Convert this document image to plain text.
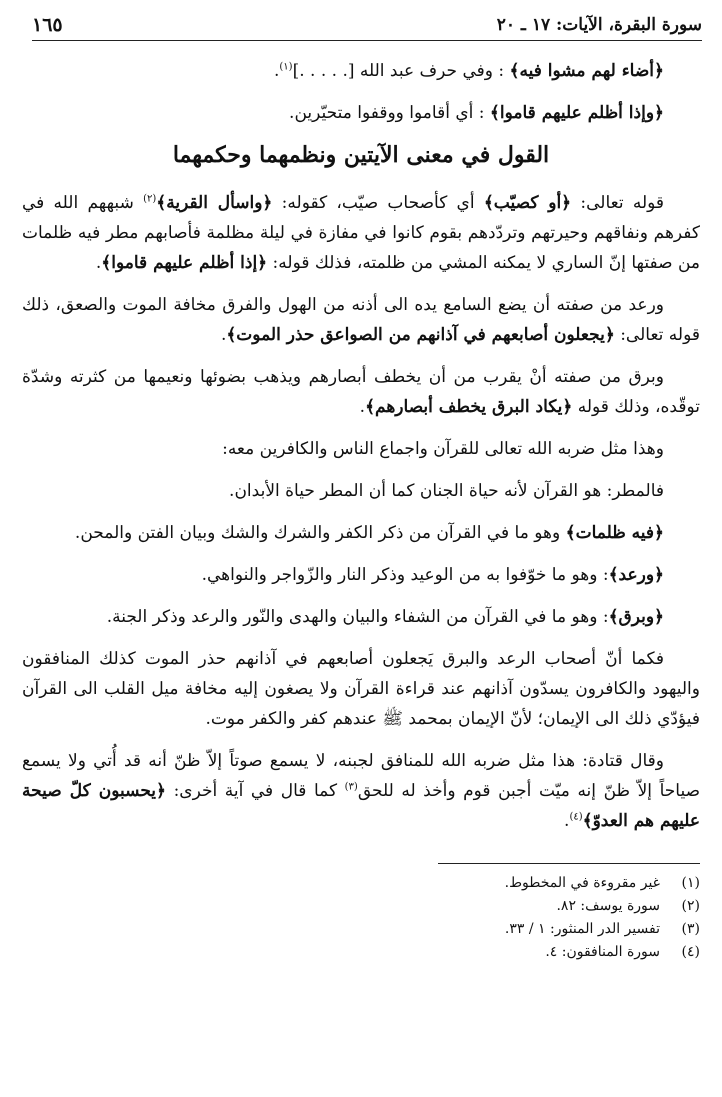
سورة البقرة، الآيات: ١٧ ـ ٢٠
١٦٥

﴿أضاء لهم مشوا فيه﴾ : وفي حرف عبد الله [. . . . .]$^{(١)}$.

﴿وإذا أظلم عليهم قاموا﴾ : أي أقاموا ووقفوا متحيّرين.

القول في معنى الآيتين ونظمهما وحكمهما

قوله تعالى: ﴿أو كصيّب﴾ أي كأصحاب صيّب، كقوله: ﴿واسأل القرية﴾$^{(٢)}$ شبههم الله في كفرهم ونفاقهم وحيرتهم وتردّدهم بقوم كانوا في مفازة في ليلة مظلمة فأصابهم مطر فيه ظلمات من صفتها إنّ الساري لا يمكنه المشي من ظلمته، فذلك قوله: ﴿إذا أظلم عليهم قاموا﴾.

ورعد من صفته أن يضع السامع يده الى أذنه من الهول والفرق مخافة الموت والصعق، ذلك قوله تعالى: ﴿يجعلون أصابعهم في آذانهم من الصواعق حذر الموت﴾.

وبرق من صفته أنْ يقرب من أن يخطف أبصارهم ويذهب بضوئها ونعيمها من كثرته وشدّة توقّده، وذلك قوله ﴿يكاد البرق يخطف أبصارهم﴾.

وهذا مثل ضربه الله تعالى للقرآن واجماع الناس والكافرين معه:

فالمطر: هو القرآن لأنه حياة الجنان كما أن المطر حياة الأبدان.

﴿فيه ظلمات﴾ وهو ما في القرآن من ذكر الكفر والشرك والشك وبيان الفتن والمحن.

﴿ورعد﴾: وهو ما خوّفوا به من الوعيد وذكر النار والزّواجر والنواهي.

﴿وبرق﴾: وهو ما في القرآن من الشفاء والبيان والهدى والنّور والرعد وذكر الجنة.

فكما أنّ أصحاب الرعد والبرق يَجعلون أصابعهم في آذانهم حذر الموت كذلك المنافقون واليهود والكافرون يسدّون آذانهم عند قراءة القرآن ولا يصغون إليه مخافة ميل القلب الى القرآن فيؤدّي ذلك الى الإيمان؛ لأنّ الإيمان بمحمد ﷺ عندهم كفر والكفر موت.

وقال قتادة: هذا مثل ضربه الله للمنافق لجبنه، لا يسمع صوتاً إلاّ ظنّ أنه قد أُتي ولا يسمع صياحاً إلاّ ظنّ إنه ميّت أجبن قوم وأخذ له للحق$^{(٣)}$ كما قال في آية أخرى: ﴿يحسبون كلّ صيحة عليهم هم العدوّ﴾$^{(٤)}$.

(١)
غير مقروءة في المخطوط.
(٢)
سورة يوسف: ٨٢.
(٣)
تفسير الدر المنثور: ١ / ٣٣.
(٤)
سورة المنافقون: ٤.
